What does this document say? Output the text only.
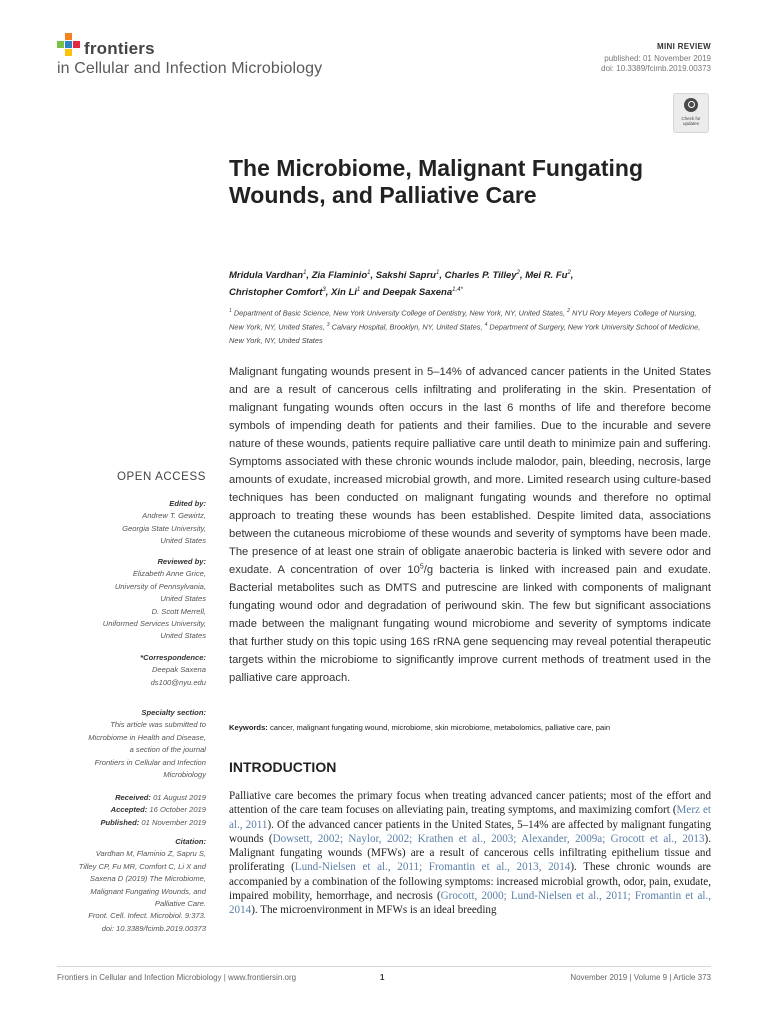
frontiers
in Cellular and Infection Microbiology
MINI REVIEW
published: 01 November 2019
doi: 10.3389/fcimb.2019.00373
Check for updates
The Microbiome, Malignant Fungating Wounds, and Palliative Care
Mridula Vardhan$^1$, Zia Flaminio$^1$, Sakshi Sapru$^1$, Charles P. Tilley$^2$, Mei R. Fu$^2$,
Christopher Comfort$^3$, Xin Li$^1$ and Deepak Saxena$^{1,4*}$
$^1$ Department of Basic Science, New York University College of Dentistry, New York, NY, United States, $^2$ NYU Rory Meyers College of Nursing, New York, NY, United States, $^3$ Calvary Hospital, Brooklyn, NY, United States, $^4$ Department of Surgery, New York University School of Medicine, New York, NY, United States
Malignant fungating wounds present in 5–14% of advanced cancer patients in the United States and are a result of cancerous cells infiltrating and proliferating in the skin. Presentation of malignant fungating wounds often occurs in the last 6 months of life and therefore become symbols of impending death for patients and their families. Due to the incurable and severe nature of these wounds, patients require palliative care until death to minimize pain and suffering. Symptoms associated with these chronic wounds include malodor, pain, bleeding, necrosis, large amounts of exudate, increased microbial growth, and more. Limited research using culture-based techniques has been conducted on malignant fungating wounds and therefore no optimal approach to treating these wounds has been established. Despite limited data, associations between the cutaneous microbiome of these wounds and severity of symptoms have been made. The presence of at least one strain of obligate anaerobic bacteria is linked with severe odor and exudate. A concentration of over $10^5/g$ bacteria is linked with increased pain and exudate. Bacterial metabolites such as DMTS and putrescine are linked with components of malignant fungating wound odor and degradation of periwound skin. The few but significant associations made between the malignant fungating wound microbiome and severity of symptoms indicate that further study on this topic using 16S rRNA gene sequencing may reveal potential therapeutic targets within the microbiome to significantly improve current methods of treatment used in the palliative care approach.
Keywords: cancer, malignant fungating wound, microbiome, skin microbiome, metabolomics, palliative care, pain
INTRODUCTION
Palliative care becomes the primary focus when treating advanced cancer patients; most of the effort and attention of the care team focuses on alleviating pain, treating symptoms, and maximizing comfort (Merz et al., 2011). Of the advanced cancer patients in the United States, 5–14% are affected by malignant fungating wounds (Dowsett, 2002; Naylor, 2002; Krathen et al., 2003; Alexander, 2009a; Grocott et al., 2013). Malignant fungating wounds (MFWs) are a result of cancerous cells infiltrating epithelium tissue and proliferating (Lund-Nielsen et al., 2011; Fromantin et al., 2013, 2014). These chronic wounds are accompanied by a combination of the following symptoms: increased microbial growth, odor, pain, exudate, impaired mobility, hemorrhage, and necrosis (Grocott, 2000; Lund-Nielsen et al., 2011; Fromantin et al., 2014). The microenvironment in MFWs is an ideal breeding
OPEN ACCESS
Edited by:
Andrew T. Gewirtz,
Georgia State University,
United States
Reviewed by:
Elizabeth Anne Grice,
University of Pennsylvania,
United States
D. Scott Merrell,
Uniformed Services University,
United States
*Correspondence:
Deepak Saxena
ds100@nyu.edu
Specialty section:
This article was submitted to
Microbiome in Health and Disease,
a section of the journal
Frontiers in Cellular and Infection
Microbiology
Received: 01 August 2019
Accepted: 16 October 2019
Published: 01 November 2019
Citation:
Vardhan M, Flaminio Z, Sapru S,
Tilley CP, Fu MR, Comfort C, Li X and
Saxena D (2019) The Microbiome,
Malignant Fungating Wounds, and
Palliative Care.
Front. Cell. Infect. Microbiol. 9:373.
doi: 10.3389/fcimb.2019.00373
Frontiers in Cellular and Infection Microbiology | www.frontiersin.org	1	November 2019 | Volume 9 | Article 373
